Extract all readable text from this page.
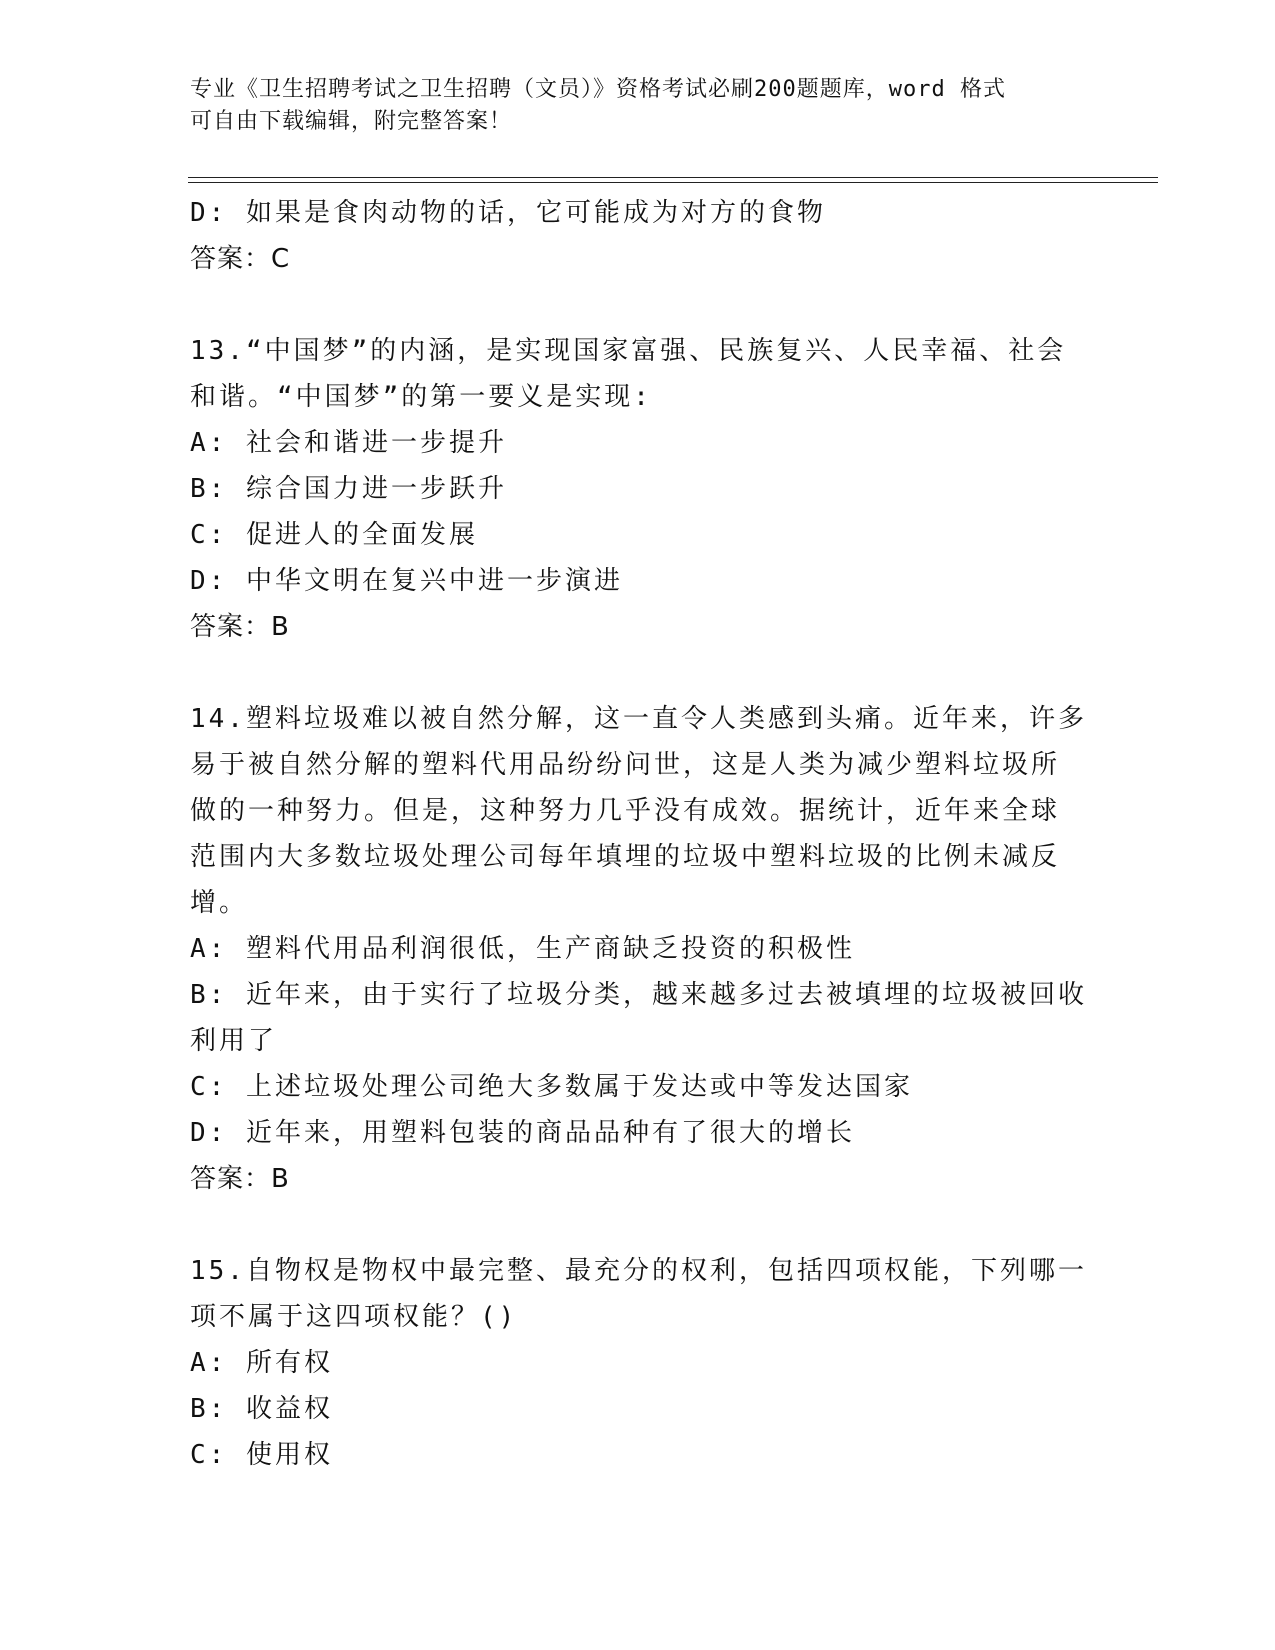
专业《卫生招聘考试之卫生招聘（文员）》资格考试必刷200题题库，word 格式
可自由下载编辑，附完整答案！
D: 如果是食肉动物的话，它可能成为对方的食物
答案：C
13.“中国梦”的内涵，是实现国家富强、民族复兴、人民幸福、社会
和谐。“中国梦”的第一要义是实现:
A: 社会和谐进一步提升
B: 综合国力进一步跃升
C: 促进人的全面发展
D: 中华文明在复兴中进一步演进
答案：B
14.塑料垃圾难以被自然分解，这一直令人类感到头痛。近年来，许多
易于被自然分解的塑料代用品纷纷问世，这是人类为减少塑料垃圾所
做的一种努力。但是，这种努力几乎没有成效。据统计，近年来全球
范围内大多数垃圾处理公司每年填埋的垃圾中塑料垃圾的比例未减反
增。
A: 塑料代用品利润很低，生产商缺乏投资的积极性
B: 近年来，由于实行了垃圾分类，越来越多过去被填埋的垃圾被回收
利用了
C: 上述垃圾处理公司绝大多数属于发达或中等发达国家
D: 近年来，用塑料包装的商品品种有了很大的增长
答案：B
15.自物权是物权中最完整、最充分的权利，包括四项权能，下列哪一
项不属于这四项权能？()
A: 所有权
B: 收益权
C: 使用权
